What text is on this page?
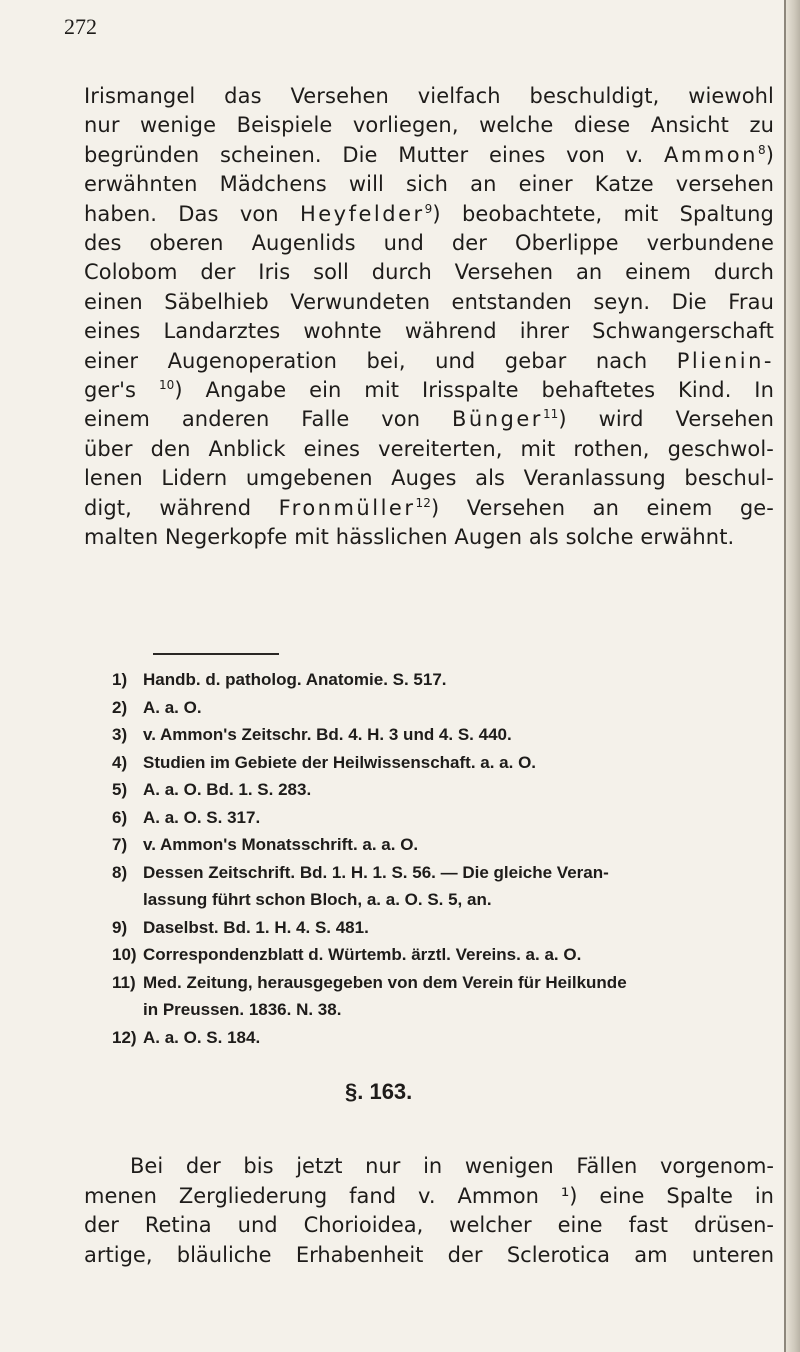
272
Irismangel das Versehen vielfach beschuldigt, wiewohl
nur wenige Beispiele vorliegen, welche diese Ansicht zu
begründen scheinen. Die Mutter eines von v. Ammon$^8$)
erwähnten Mädchens will sich an einer Katze versehen
haben. Das von Heyfelder$^9$) beobachtete, mit Spaltung
des oberen Augenlids und der Oberlippe verbundene
Colobom der Iris soll durch Versehen an einem durch
einen Säbelhieb Verwundeten entstanden seyn. Die Frau
eines Landarztes wohnte während ihrer Schwangerschaft
einer Augenoperation bei, und gebar nach Plienin-
ger's $^{10}$) Angabe ein mit Irisspalte behaftetes Kind. In
einem anderen Falle von Bünger$^{11}$) wird Versehen
über den Anblick eines vereiterten, mit rothen, geschwol-
lenen Lidern umgebenen Auges als Veranlassung beschul-
digt, während Fronmüller$^{12}$) Versehen an einem ge-
malten Negerkopfe mit hässlichen Augen als solche erwähnt.
1) Handb. d. patholog. Anatomie. S. 517.
2) A. a. O.
3) v. Ammon's Zeitschr. Bd. 4. H. 3 und 4. S. 440.
4) Studien im Gebiete der Heilwissenschaft. a. a. O.
5) A. a. O. Bd. 1. S. 283.
6) A. a. O. S. 317.
7) v. Ammon's Monatsschrift. a. a. O.
8) Dessen Zeitschrift. Bd. 1. H. 1. S. 56. — Die gleiche Veran-
lassung führt schon Bloch, a. a. O. S. 5, an.
9) Daselbst. Bd. 1. H. 4. S. 481.
10) Correspondenzblatt d. Würtemb. ärztl. Vereins. a. a. O.
11) Med. Zeitung, herausgegeben von dem Verein für Heilkunde
in Preussen. 1836. N. 38.
12) A. a. O. S. 184.
§. 163.
Bei der bis jetzt nur in wenigen Fällen vorgenom-
menen Zergliederung fand v. Ammon ¹) eine Spalte in
der Retina und Chorioidea, welcher eine fast drüsen-
artige, bläuliche Erhabenheit der Sclerotica am unteren
